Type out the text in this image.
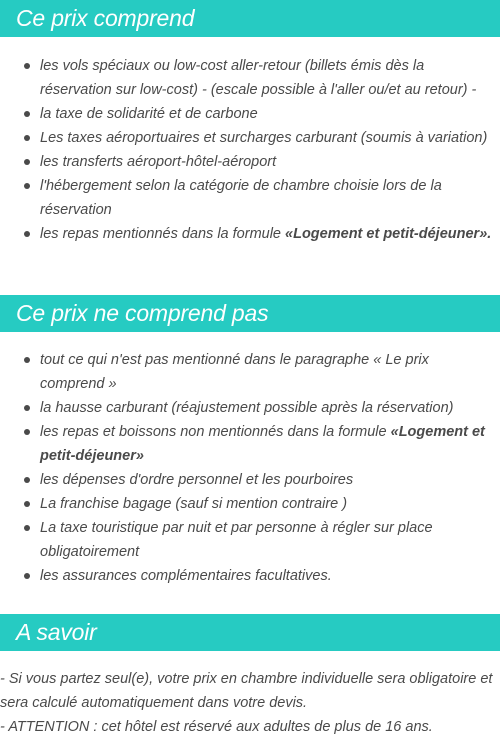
Ce prix comprend
les vols spéciaux ou low-cost aller-retour (billets émis dès la réservation sur low-cost) - (escale possible à l'aller ou/et au retour) -
la taxe de solidarité et de carbone
Les taxes aéroportuaires et surcharges carburant (soumis à variation)
les transferts aéroport-hôtel-aéroport
l'hébergement selon la catégorie de chambre choisie lors de la réservation
les repas mentionnés dans la formule «Logement et petit-déjeuner».
Ce prix ne comprend pas
tout ce qui n'est pas mentionné dans le paragraphe « Le prix comprend »
la hausse carburant (réajustement possible après la réservation)
les repas et boissons non mentionnés dans la formule «Logement et petit-déjeuner»
les dépenses d'ordre personnel et les pourboires
La franchise bagage (sauf si mention contraire )
La taxe touristique par nuit et par personne à régler sur place obligatoirement
les assurances complémentaires facultatives.
A savoir

- Si vous partez seul(e), votre prix en chambre individuelle sera obligatoire et sera calculé automatiquement dans votre devis.

- ATTENTION : cet hôtel est réservé aux adultes de plus de 16 ans.
